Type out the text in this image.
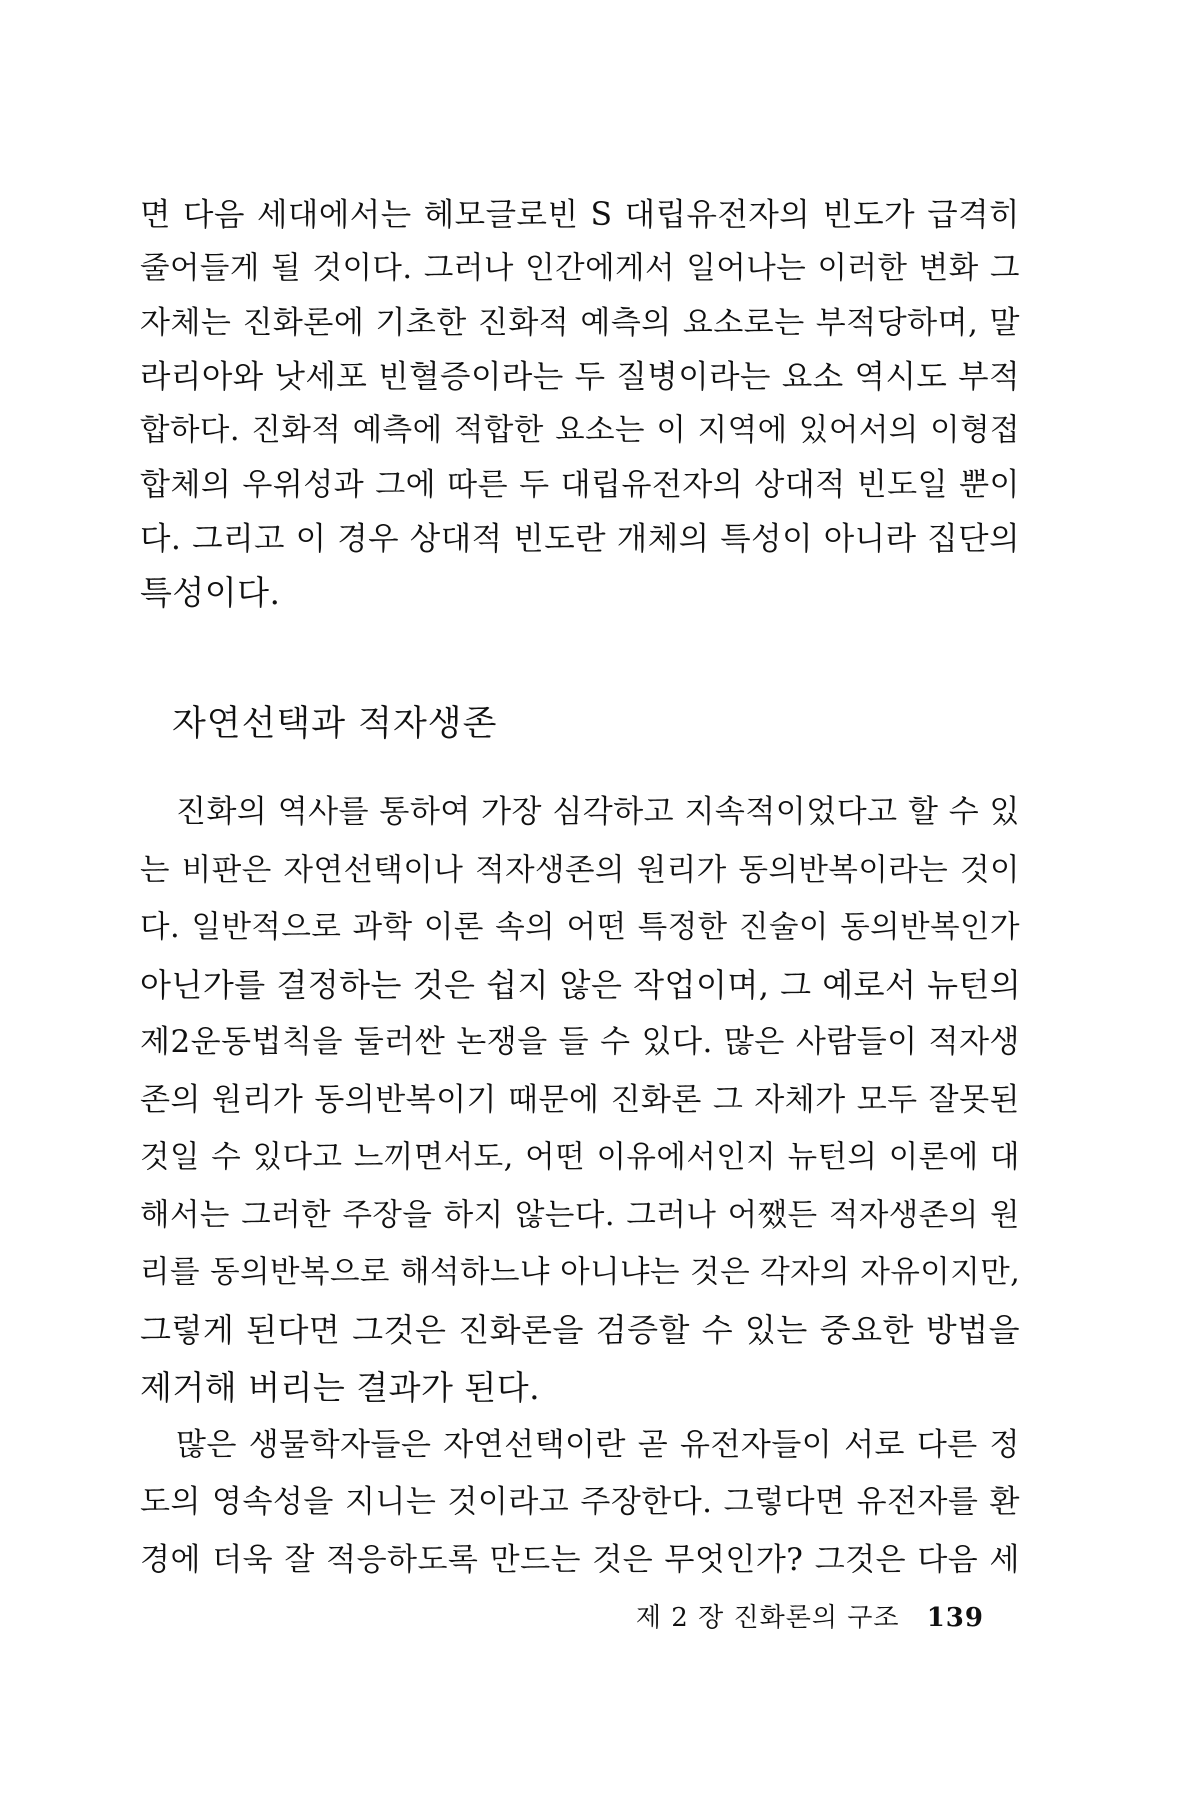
면 다음 세대에서는 헤모글로빈 S 대립유전자의 빈도가 급격히
줄어들게 될 것이다. 그러나 인간에게서 일어나는 이러한 변화 그
자체는 진화론에 기초한 진화적 예측의 요소로는 부적당하며, 말
라리아와 낫세포 빈혈증이라는 두 질병이라는 요소 역시도 부적
합하다. 진화적 예측에 적합한 요소는 이 지역에 있어서의 이형접
합체의 우위성과 그에 따른 두 대립유전자의 상대적 빈도일 뿐이
다. 그리고 이 경우 상대적 빈도란 개체의 특성이 아니라 집단의
특성이다.
자연선택과 적자생존
진화의 역사를 통하여 가장 심각하고 지속적이었다고 할 수 있
는 비판은 자연선택이나 적자생존의 원리가 동의반복이라는 것이
다. 일반적으로 과학 이론 속의 어떤 특정한 진술이 동의반복인가
아닌가를 결정하는 것은 쉽지 않은 작업이며, 그 예로서 뉴턴의
제2운동법칙을 둘러싼 논쟁을 들 수 있다. 많은 사람들이 적자생
존의 원리가 동의반복이기 때문에 진화론 그 자체가 모두 잘못된
것일 수 있다고 느끼면서도, 어떤 이유에서인지 뉴턴의 이론에 대
해서는 그러한 주장을 하지 않는다. 그러나 어쨌든 적자생존의 원
리를 동의반복으로 해석하느냐 아니냐는 것은 각자의 자유이지만,
그렇게 된다면 그것은 진화론을 검증할 수 있는 중요한 방법을
제거해 버리는 결과가 된다.
많은 생물학자들은 자연선택이란 곧 유전자들이 서로 다른 정
도의 영속성을 지니는 것이라고 주장한다. 그렇다면 유전자를 환
경에 더욱 잘 적응하도록 만드는 것은 무엇인가? 그것은 다음 세
제 2 장 진화론의 구조 139
